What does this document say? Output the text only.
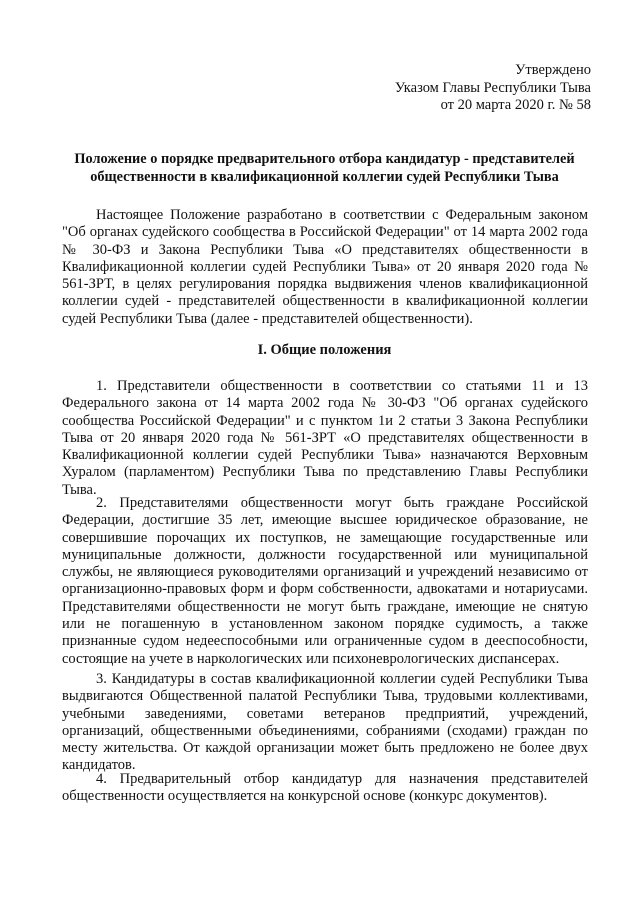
Утверждено
Указом Главы Республики Тыва
от 20 марта 2020 г. № 58
Положение о порядке предварительного отбора кандидатур - представителей общественности в квалификационной коллегии судей Республики Тыва

Настоящее Положение разработано в соответствии с Федеральным законом "Об органах судейского сообщества в Российской Федерации" от 14 марта 2002 года № 30-ФЗ и Закона Республики Тыва «О представителях общественности в Квалификационной коллегии судей Республики Тыва» от 20 января 2020 года № 561-ЗРТ, в целях регулирования порядка выдвижения членов квалификационной коллегии судей - представителей общественности в квалификационной коллегии судей Республики Тыва (далее - представителей общественности).

I. Общие положения

1. Представители общественности в соответствии со статьями 11 и 13 Федерального закона от 14 марта 2002 года № 30-ФЗ "Об органах судейского сообщества Российской Федерации" и с пунктом 1и 2 статьи 3 Закона Республики Тыва от 20 января 2020 года № 561-ЗРТ «О представителях общественности в Квалификационной коллегии судей Республики Тыва» назначаются Верховным Хуралом (парламентом) Республики Тыва по представлению Главы Республики Тыва.

2. Представителями общественности могут быть граждане Российской Федерации, достигшие 35 лет, имеющие высшее юридическое образование, не совершившие порочащих их поступков, не замещающие государственные или муниципальные должности, должности государственной или муниципальной службы, не являющиеся руководителями организаций и учреждений независимо от организационно-правовых форм и форм собственности, адвокатами и нотариусами. Представителями общественности не могут быть граждане, имеющие не снятую или не погашенную в установленном законом порядке судимость, а также признанные судом недееспособными или ограниченные судом в дееспособности, состоящие на учете в наркологических или психоневрологических диспансерах.

3. Кандидатуры в состав квалификационной коллегии судей Республики Тыва выдвигаются Общественной палатой Республики Тыва, трудовыми коллективами, учебными заведениями, советами ветеранов предприятий, учреждений, организаций, общественными объединениями, собраниями (сходами) граждан по месту жительства. От каждой организации может быть предложено не более двух кандидатов.

4. Предварительный отбор кандидатур для назначения представителей общественности осуществляется на конкурсной основе (конкурс документов).
